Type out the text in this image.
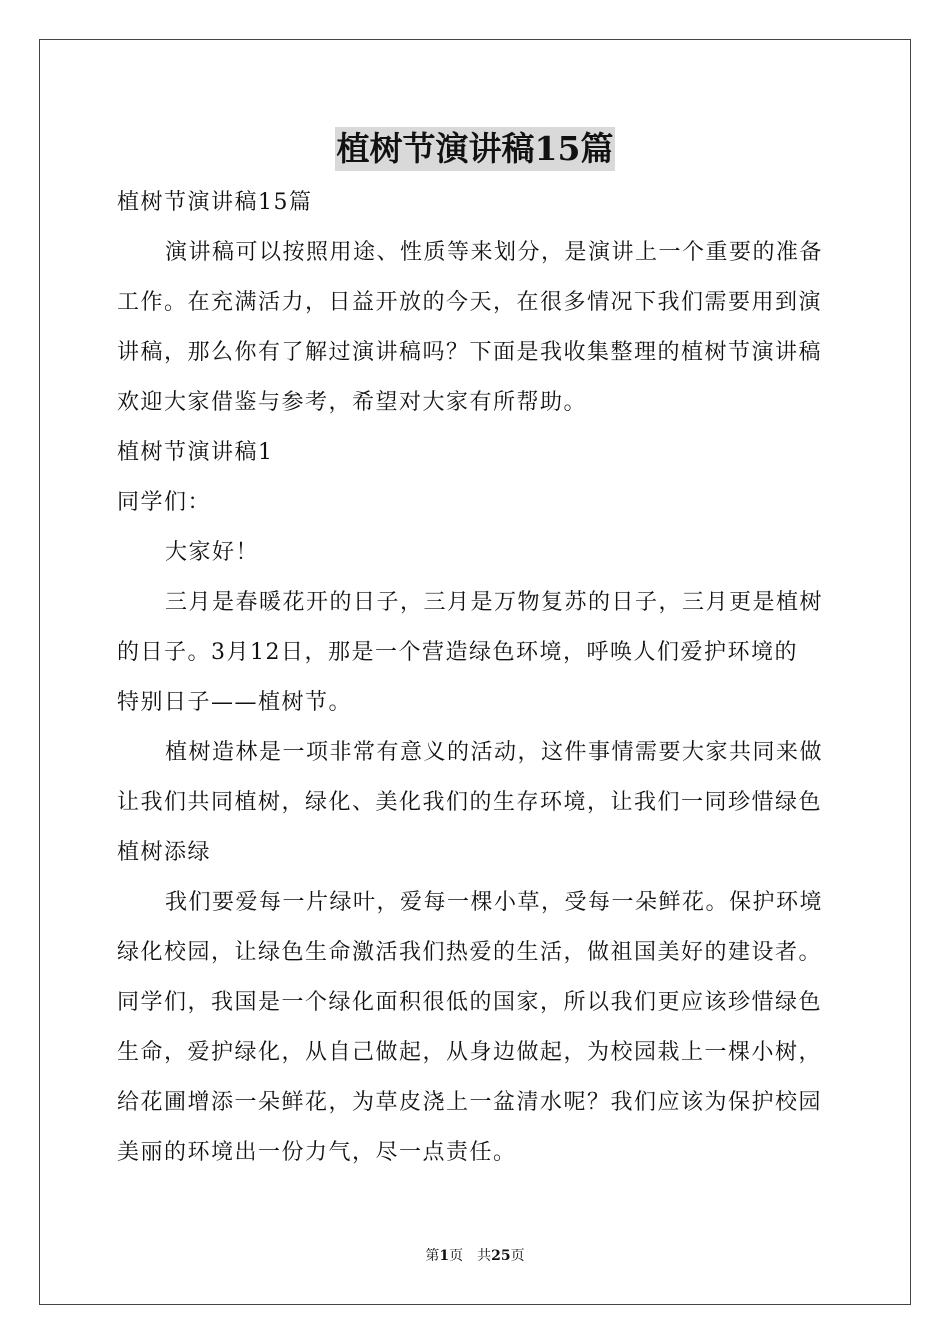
植树节演讲稿15篇
植树节演讲稿15篇
演讲稿可以按照用途、性质等来划分，是演讲上一个重要的准备
工作。在充满活力，日益开放的今天，在很多情况下我们需要用到演
讲稿，那么你有了解过演讲稿吗？下面是我收集整理的植树节演讲稿
欢迎大家借鉴与参考，希望对大家有所帮助。
植树节演讲稿1
同学们：
大家好！
三月是春暖花开的日子，三月是万物复苏的日子，三月更是植树
的日子。3月12日，那是一个营造绿色环境，呼唤人们爱护环境的
特别日子——植树节。
植树造林是一项非常有意义的活动，这件事情需要大家共同来做
让我们共同植树，绿化、美化我们的生存环境，让我们一同珍惜绿色
植树添绿
我们要爱每一片绿叶，爱每一棵小草，受每一朵鲜花。保护环境
绿化校园，让绿色生命激活我们热爱的生活，做祖国美好的建设者。
同学们，我国是一个绿化面积很低的国家，所以我们更应该珍惜绿色
生命，爱护绿化，从自己做起，从身边做起，为校园栽上一棵小树，
给花圃增添一朵鲜花，为草皮浇上一盆清水呢？我们应该为保护校园
美丽的环境出一份力气，尽一点责任。
第1页 共25页
